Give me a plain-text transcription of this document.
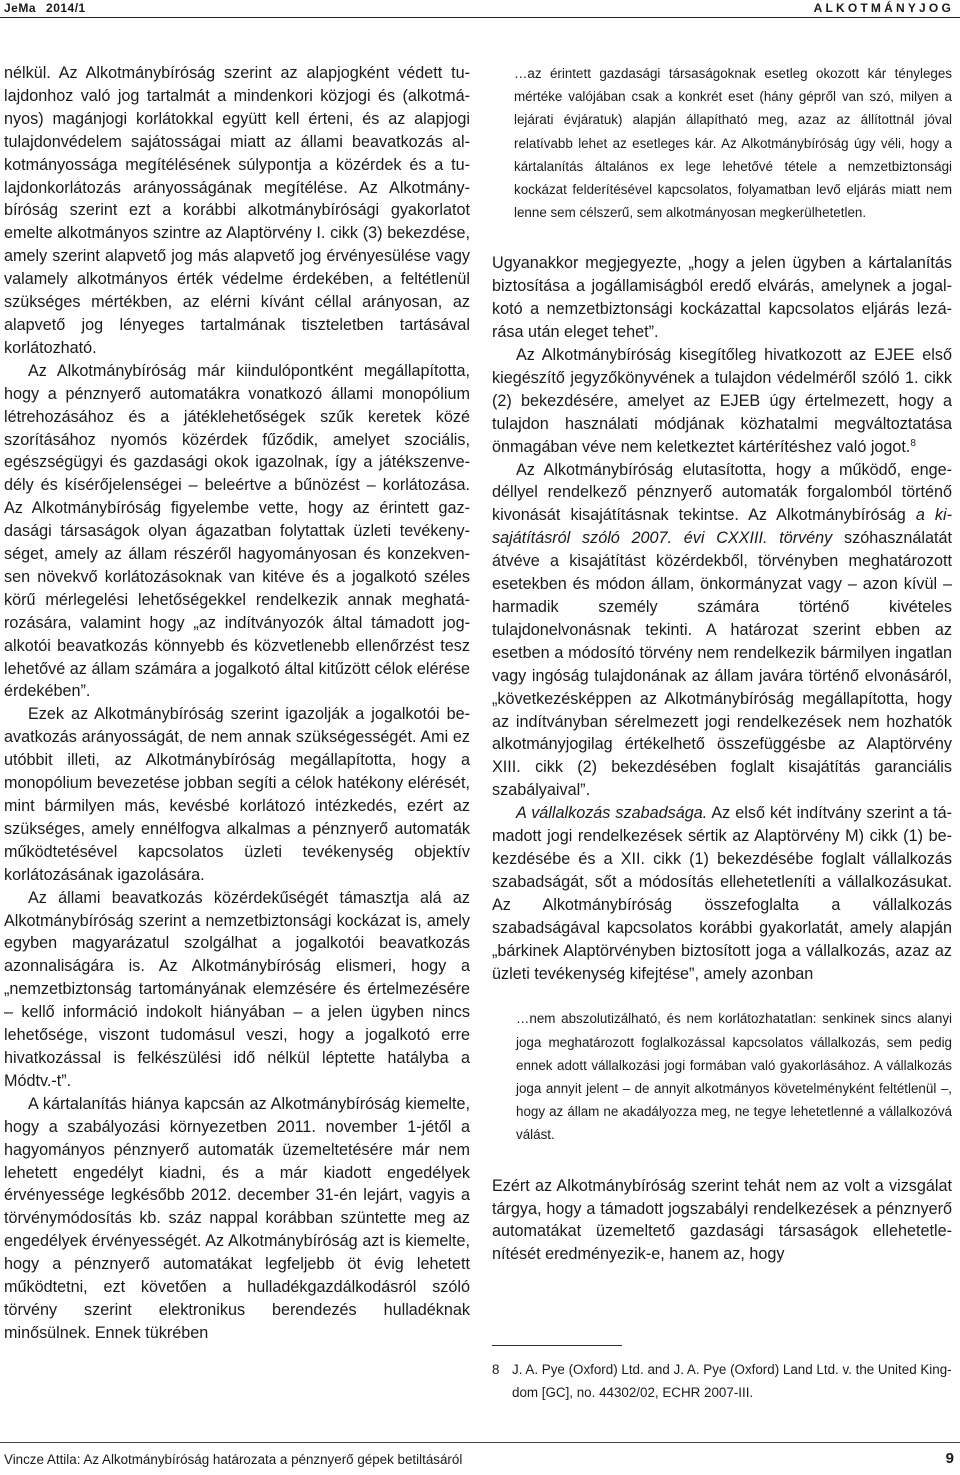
JeMa 2014/1	ALKOTMÁNYJOG

nélkül. Az Alkotmánybíróság szerint az alapjogként védett tulajdonhoz való jog tartalmát a mindenkori közjogi és (alkotmányos) magánjogi korlátokkal együtt kell érteni, és az alapjogi tulajdonvédelem sajátosságai miatt az állami beavatkozás alkotmányossága megítélésének súlypontja a közérdek és a tulajdonkorlátozás arányosságának megítélése. Az Alkotmánybíróság szerint ezt a korábbi alkotmánybírósági gyakorlatot emelte alkotmányos szintre az Alaptörvény I. cikk (3) bekezdése, amely szerint alapvető jog más alapvető jog érvényesülése vagy valamely alkotmányos érték védelme érdekében, a feltétlenül szükséges mértékben, az elérni kívánt céllal arányosan, az alapvető jog lényeges tartalmának tiszteletben tartásával korlátozható.

Az Alkotmánybíróság már kiindulópontként megállapította, hogy a pénznyerő automatákra vonatkozó állami monopólium létrehozásához és a játéklehetőségek szűk keretek közé szorításához nyomós közérdek fűződik, amelyet szociális, egészségügyi és gazdasági okok igazolnak, így a játékszenvedély és kísérőjelenségei – beleértve a bűnözést – korlátozása. Az Alkotmánybíróság figyelembe vette, hogy az érintett gazdasági társaságok olyan ágazatban folytattak üzleti tevékenységet, amely az állam részéről hagyományosan és konzekvensen növekvő korlátozásoknak van kitéve és a jogalkotó széles körű mérlegelési lehetőségekkel rendelkezik annak meghatározására, valamint hogy „az indítványozók által támadott jogalkotói beavatkozás könnyebb és közvetlenebb ellenőrzést tesz lehetővé az állam számára a jogalkotó által kitűzött célok elérése érdekében”.

Ezek az Alkotmánybíróság szerint igazolják a jogalkotói beavatkozás arányosságát, de nem annak szükségességét. Ami ez utóbbit illeti, az Alkotmánybíróság megállapította, hogy a monopólium bevezetése jobban segíti a célok hatékony elérését, mint bármilyen más, kevésbé korlátozó intézkedés, ezért az szükséges, amely ennélfogva alkalmas a pénznyerő automaták működtetésével kapcsolatos üzleti tevékenység objektív korlátozásának igazolására.

Az állami beavatkozás közérdekűségét támasztja alá az Alkotmánybíróság szerint a nemzetbiztonsági kockázat is, amely egyben magyarázatul szolgálhat a jogalkotói beavatkozás azonnaliságára is. Az Alkotmánybíróság elismeri, hogy a „nemzetbiztonság tartományának elemzésére és értelmezésére – kellő információ indokolt hiányában – a jelen ügyben nincs lehetősége, viszont tudomásul veszi, hogy a jogalkotó erre hivatkozással is felkészülési idő nélkül léptette hatályba a Módtv.-t”.

A kártalanítás hiánya kapcsán az Alkotmánybíróság kiemelte, hogy a szabályozási környezetben 2011. november 1-jétől a hagyományos pénznyerő automaták üzemeltetésére már nem lehetett engedélyt kiadni, és a már kiadott engedélyek érvényessége legkésőbb 2012. december 31-én lejárt, vagyis a törvénymódosítás kb. száz nappal korábban szüntette meg az engedélyek érvényességét. Az Alkotmánybíróság azt is kiemelte, hogy a pénznyerő automatákat legfeljebb öt évig lehetett működtetni, ezt követően a hulladékgazdálkodásról szóló törvény szerint elektronikus berendezés hulladéknak minősülnek. Ennek tükrében

…az érintett gazdasági társaságoknak esetleg okozott kár tényleges mértéke valójában csak a konkrét eset (hány gépről van szó, milyen a lejárati évjáratuk) alapján állapítható meg, azaz az állítottnál jóval relatívabb lehet az esetleges kár. Az Alkotmánybíróság úgy véli, hogy a kártalanítás általános ex lege lehetővé tétele a nemzetbiztonsági kockázat felderítésével kapcsolatos, folyamatban levő eljárás miatt nem lenne sem célszerű, sem alkotmányosan megkerülhetetlen.

Ugyanakkor megjegyezte, „hogy a jelen ügyben a kártalanítás biztosítása a jogállamiságból eredő elvárás, amelynek a jogalkotó a nemzetbiztonsági kockázattal kapcsolatos eljárás lezárása után eleget tehet”.

Az Alkotmánybíróság kisegítőleg hivatkozott az EJEE első kiegészítő jegyzőkönyvének a tulajdon védelméről szóló 1. cikk (2) bekezdésére, amelyet az EJEB úgy értelmezett, hogy a tulajdon használati módjának közhatalmi megváltoztatása önmagában véve nem keletkeztet kártérítéshez való jogot.$^8$

Az Alkotmánybíróság elutasította, hogy a működő, engedéllyel rendelkező pénznyerő automaták forgalomból történő kivonását kisajátításnak tekintse. Az Alkotmánybíróság a kisajátításról szóló 2007. évi CXXIII. törvény szóhasználatát átvéve a kisajátítást közérdekből, törvényben meghatározott esetekben és módon állam, önkormányzat vagy – azon kívül – harmadik személy számára történő kivételes tulajdonelvonásnak tekinti. A határozat szerint ebben az esetben a módosító törvény nem rendelkezik bármilyen ingatlan vagy ingóság tulajdonának az állam javára történő elvonásáról, „következésképpen az Alkotmánybíróság megállapította, hogy az indítványban sérelmezett jogi rendelkezések nem hozhatók alkotmányjogilag értékelhető összefüggésbe az Alaptörvény XIII. cikk (2) bekezdésében foglalt kisajátítás garanciális szabályaival”.

A vállalkozás szabadsága. Az első két indítvány szerint a támadott jogi rendelkezések sértik az Alaptörvény M) cikk (1) bekezdésébe és a XII. cikk (1) bekezdésébe foglalt vállalkozás szabadságát, sőt a módosítás ellehetetleníti a vállalkozásukat. Az Alkotmánybíróság összefoglalta a vállalkozás szabadságával kapcsolatos korábbi gyakorlatát, amely alapján „bárkinek Alaptörvényben biztosított joga a vállalkozás, azaz az üzleti tevékenység kifejtése”, amely azonban

…nem abszolutizálható, és nem korlátozhatatlan: senkinek sincs alanyi joga meghatározott foglalkozással kapcsolatos vállalkozás, sem pedig ennek adott vállalkozási jogi formában való gyakorlásához. A vállalkozás joga annyit jelent – de annyit alkotmányos követelményként feltétlenül –, hogy az állam ne akadályozza meg, ne tegye lehetetlenné a vállalkozóvá válást.

Ezért az Alkotmánybíróság szerint tehát nem az volt a vizsgálat tárgya, hogy a támadott jogszabályi rendelkezések a pénznyerő automatákat üzemeltető gazdasági társaságok ellehetetlenítését eredményezik-e, hanem az, hogy

8 J. A. Pye (Oxford) Ltd. and J. A. Pye (Oxford) Land Ltd. v. the United Kingdom [GC], no. 44302/02, ECHR 2007-III.
Vincze Attila: Az Alkotmánybíróság határozata a pénznyerő gépek betiltásáról	9
